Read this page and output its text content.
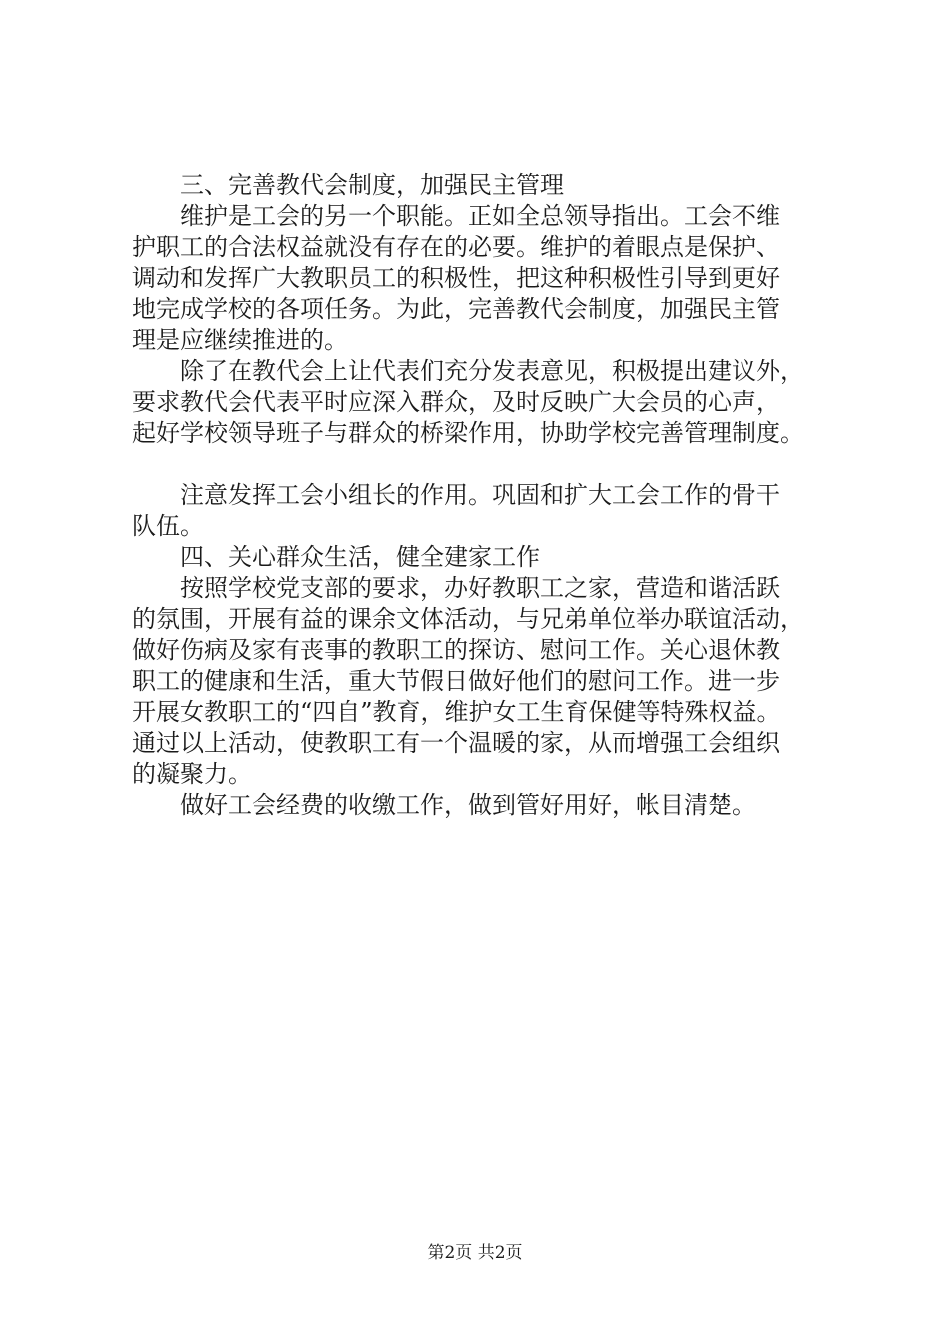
　　三、完善教代会制度，加强民主管理
　　维护是工会的另一个职能。正如全总领导指出。工会不维
护职工的合法权益就没有存在的必要。维护的着眼点是保护、
调动和发挥广大教职员工的积极性，把这种积极性引导到更好
地完成学校的各项任务。为此，完善教代会制度，加强民主管
理是应继续推进的。
　　除了在教代会上让代表们充分发表意见，积极提出建议外，
要求教代会代表平时应深入群众，及时反映广大会员的心声，
起好学校领导班子与群众的桥梁作用，协助学校完善管理制度。
　　注意发挥工会小组长的作用。巩固和扩大工会工作的骨干
队伍。
　　四、关心群众生活，健全建家工作
　　按照学校党支部的要求，办好教职工之家，营造和谐活跃
的氛围，开展有益的课余文体活动，与兄弟单位举办联谊活动，
做好伤病及家有丧事的教职工的探访、慰问工作。关心退休教
职工的健康和生活，重大节假日做好他们的慰问工作。进一步
开展女教职工的“四自”教育，维护女工生育保健等特殊权益。
通过以上活动，使教职工有一个温暖的家，从而增强工会组织
的凝聚力。
　　做好工会经费的收缴工作，做到管好用好，帐目清楚。
第2页 共2页
